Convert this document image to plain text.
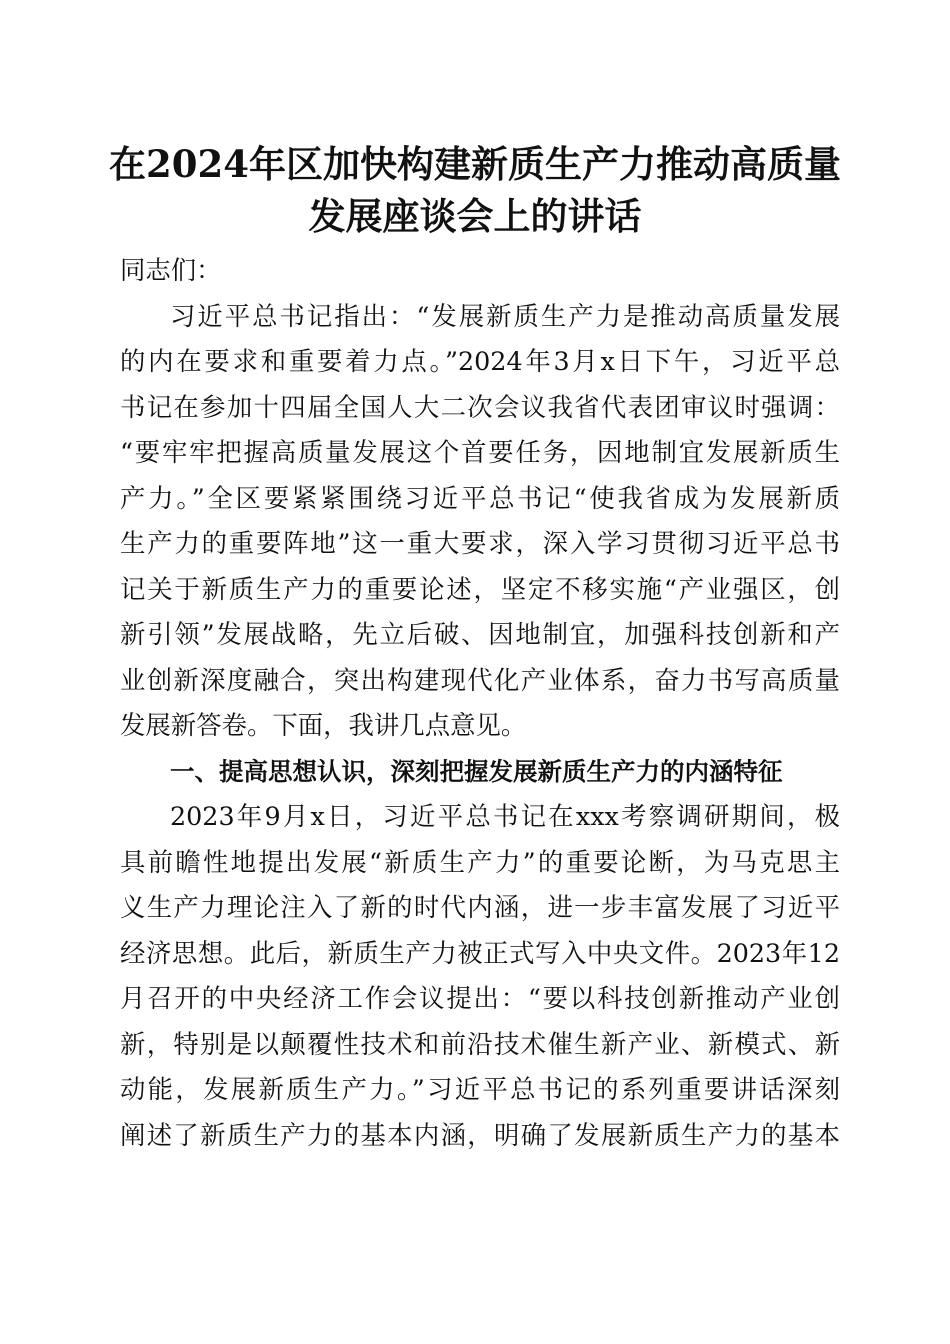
在2024年区加快构建新质生产力推动高质量
发展座谈会上的讲话
同志们：
习近平总书记指出：“发展新质生产力是推动高质量发展
的内在要求和重要着力点。”2024年3月x日下午，习近平总
书记在参加十四届全国人大二次会议我省代表团审议时强调：
“要牢牢把握高质量发展这个首要任务，因地制宜发展新质生
产力。”全区要紧紧围绕习近平总书记“使我省成为发展新质
生产力的重要阵地”这一重大要求，深入学习贯彻习近平总书
记关于新质生产力的重要论述，坚定不移实施“产业强区，创
新引领”发展战略，先立后破、因地制宜，加强科技创新和产
业创新深度融合，突出构建现代化产业体系，奋力书写高质量
发展新答卷。下面，我讲几点意见。
一、提高思想认识，深刻把握发展新质生产力的内涵特征
2023年9月x日，习近平总书记在xxx考察调研期间，极
具前瞻性地提出发展“新质生产力”的重要论断，为马克思主
义生产力理论注入了新的时代内涵，进一步丰富发展了习近平
经济思想。此后，新质生产力被正式写入中央文件。2023年12
月召开的中央经济工作会议提出：“要以科技创新推动产业创
新，特别是以颠覆性技术和前沿技术催生新产业、新模式、新
动能，发展新质生产力。”习近平总书记的系列重要讲话深刻
阐述了新质生产力的基本内涵，明确了发展新质生产力的基本
